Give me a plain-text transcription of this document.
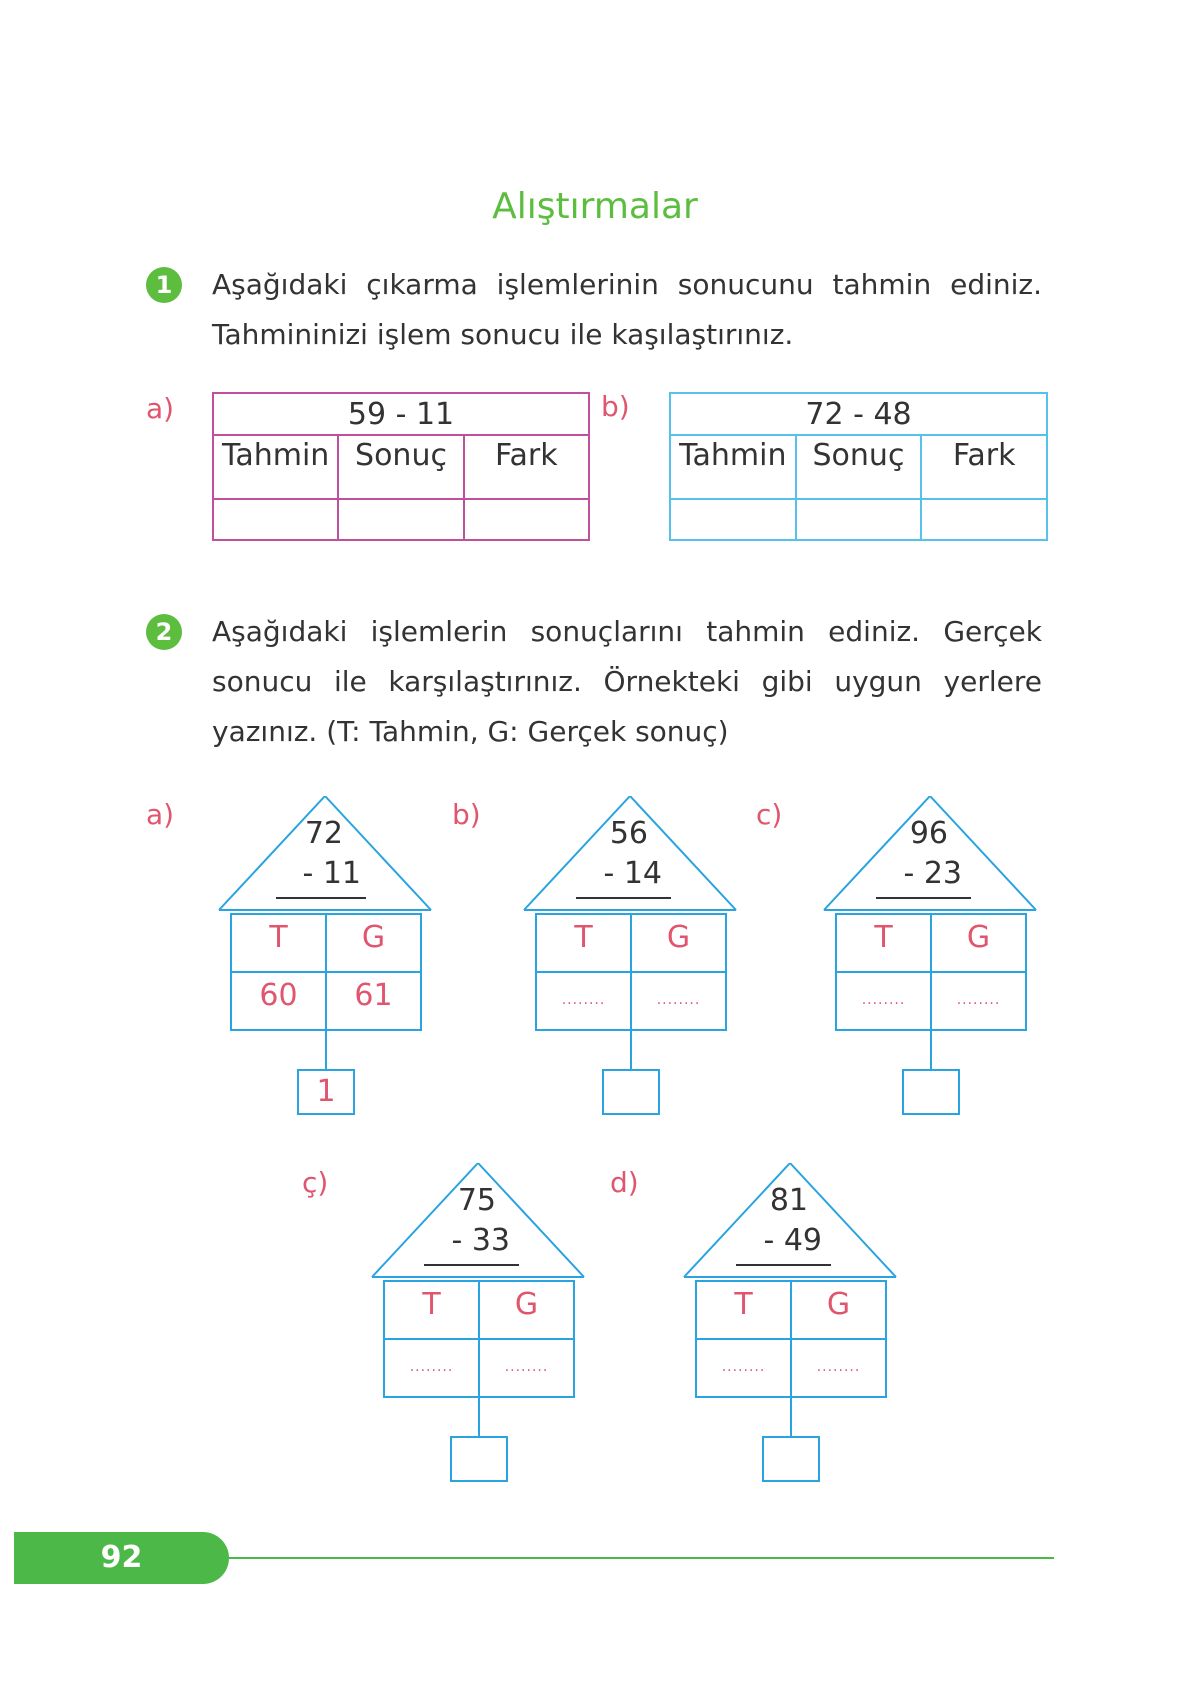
Alıştırmalar
1	Aşağıdaki çıkarma işlemlerinin sonucunu tahmin ediniz. Tahmininizi işlem sonucu ile kaşılaştırınız.
a)	59 - 11		
Tahmin	Sonuç	Fark

b)	72 - 48		
Tahmin	Sonuç	Fark

2	Aşağıdaki işlemlerin sonuçlarını tahmin ediniz. Gerçek sonucu ile karşılaştırınız. Örnekteki gibi uygun yerlere yazınız. (T: Tahmin, G: Gerçek sonuç)
a)	b)	c)
ç)	d)
72
- 11
T	G
60	61
1
56
- 14
T	G
........	........
96
- 23
T	G
........	........
75
- 33
T	G
........	........
81
- 49
T	G
........	........
92
